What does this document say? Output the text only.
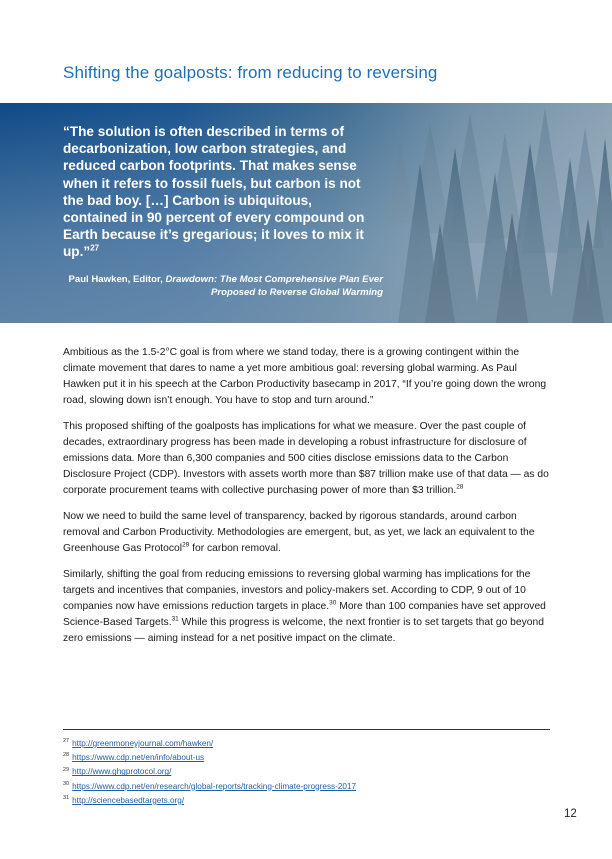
Shifting the goalposts: from reducing to reversing

“The solution is often described in terms of decarbonization, low carbon strategies, and reduced carbon footprints. That makes sense when it refers to fossil fuels, but carbon is not the bad boy. […] Carbon is ubiquitous, contained in 90 percent of every compound on Earth because it’s gregarious; it loves to mix it up.”$^{27}$

Paul Hawken, Editor, Drawdown: The Most Comprehensive Plan Ever Proposed to Reverse Global Warming

Ambitious as the 1.5-2°C goal is from where we stand today, there is a growing contingent within the climate movement that dares to name a yet more ambitious goal: reversing global warming. As Paul Hawken put it in his speech at the Carbon Productivity basecamp in 2017, “If you’re going down the wrong road, slowing down isn’t enough. You have to stop and turn around.”

This proposed shifting of the goalposts has implications for what we measure. Over the past couple of decades, extraordinary progress has been made in developing a robust infrastructure for disclosure of emissions data. More than 6,300 companies and 500 cities disclose emissions data to the Carbon Disclosure Project (CDP). Investors with assets worth more than $87 trillion make use of that data — as do corporate procurement teams with collective purchasing power of more than $3 trillion.$^{28}$

Now we need to build the same level of transparency, backed by rigorous standards, around carbon removal and Carbon Productivity. Methodologies are emergent, but, as yet, we lack an equivalent to the Greenhouse Gas Protocol$^{29}$ for carbon removal.

Similarly, shifting the goal from reducing emissions to reversing global warming has implications for the targets and incentives that companies, investors and policy-makers set. According to CDP, 9 out of 10 companies now have emissions reduction targets in place.$^{30}$ More than 100 companies have set approved Science-Based Targets.$^{31}$ While this progress is welcome, the next frontier is to set targets that go beyond zero emissions — aiming instead for a net positive impact on the climate.

$^{27}$ http://greenmoneyjournal.com/hawken/
$^{28}$ https://www.cdp.net/en/info/about-us
$^{29}$ http://www.ghgprotocol.org/
$^{30}$ https://www.cdp.net/en/research/global-reports/tracking-climate-progress-2017
$^{31}$ http://sciencebasedtargets.org/
12
